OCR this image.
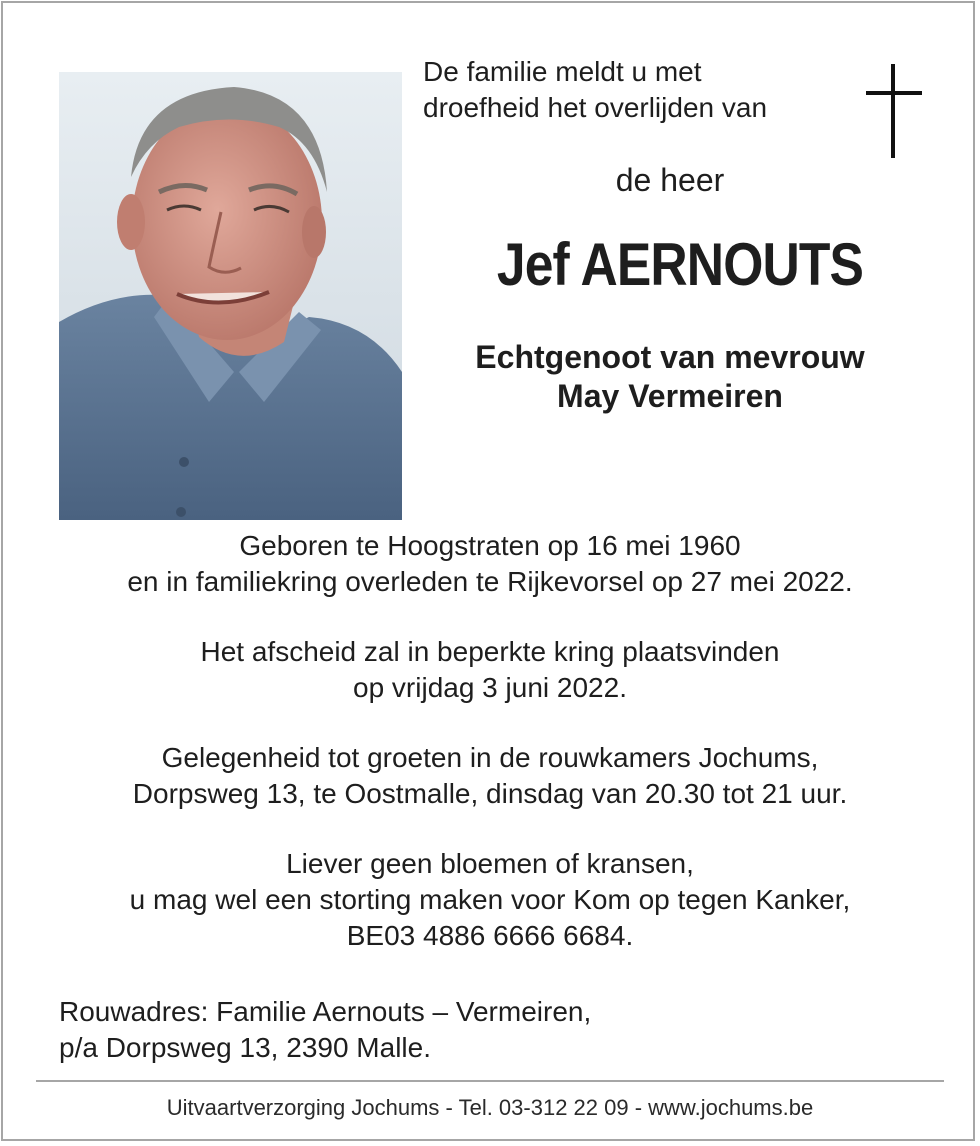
De familie meldt u met
droefheid het overlijden van
de heer
Jef AERNOUTS
Echtgenoot van mevrouw
May Vermeiren
Geboren te Hoogstraten op 16 mei 1960
en in familiekring overleden te Rijkevorsel op 27 mei 2022.
Het afscheid zal in beperkte kring plaatsvinden
op vrijdag 3 juni 2022.
Gelegenheid tot groeten in de rouwkamers Jochums,
Dorpsweg 13, te Oostmalle, dinsdag van 20.30 tot 21 uur.
Liever geen bloemen of kransen,
u mag wel een storting maken voor Kom op tegen Kanker,
BE03 4886 6666 6684.
Rouwadres: Familie Aernouts – Vermeiren,
p/a Dorpsweg 13, 2390 Malle.
Uitvaartverzorging Jochums - Tel. 03-312 22 09 - www.jochums.be
